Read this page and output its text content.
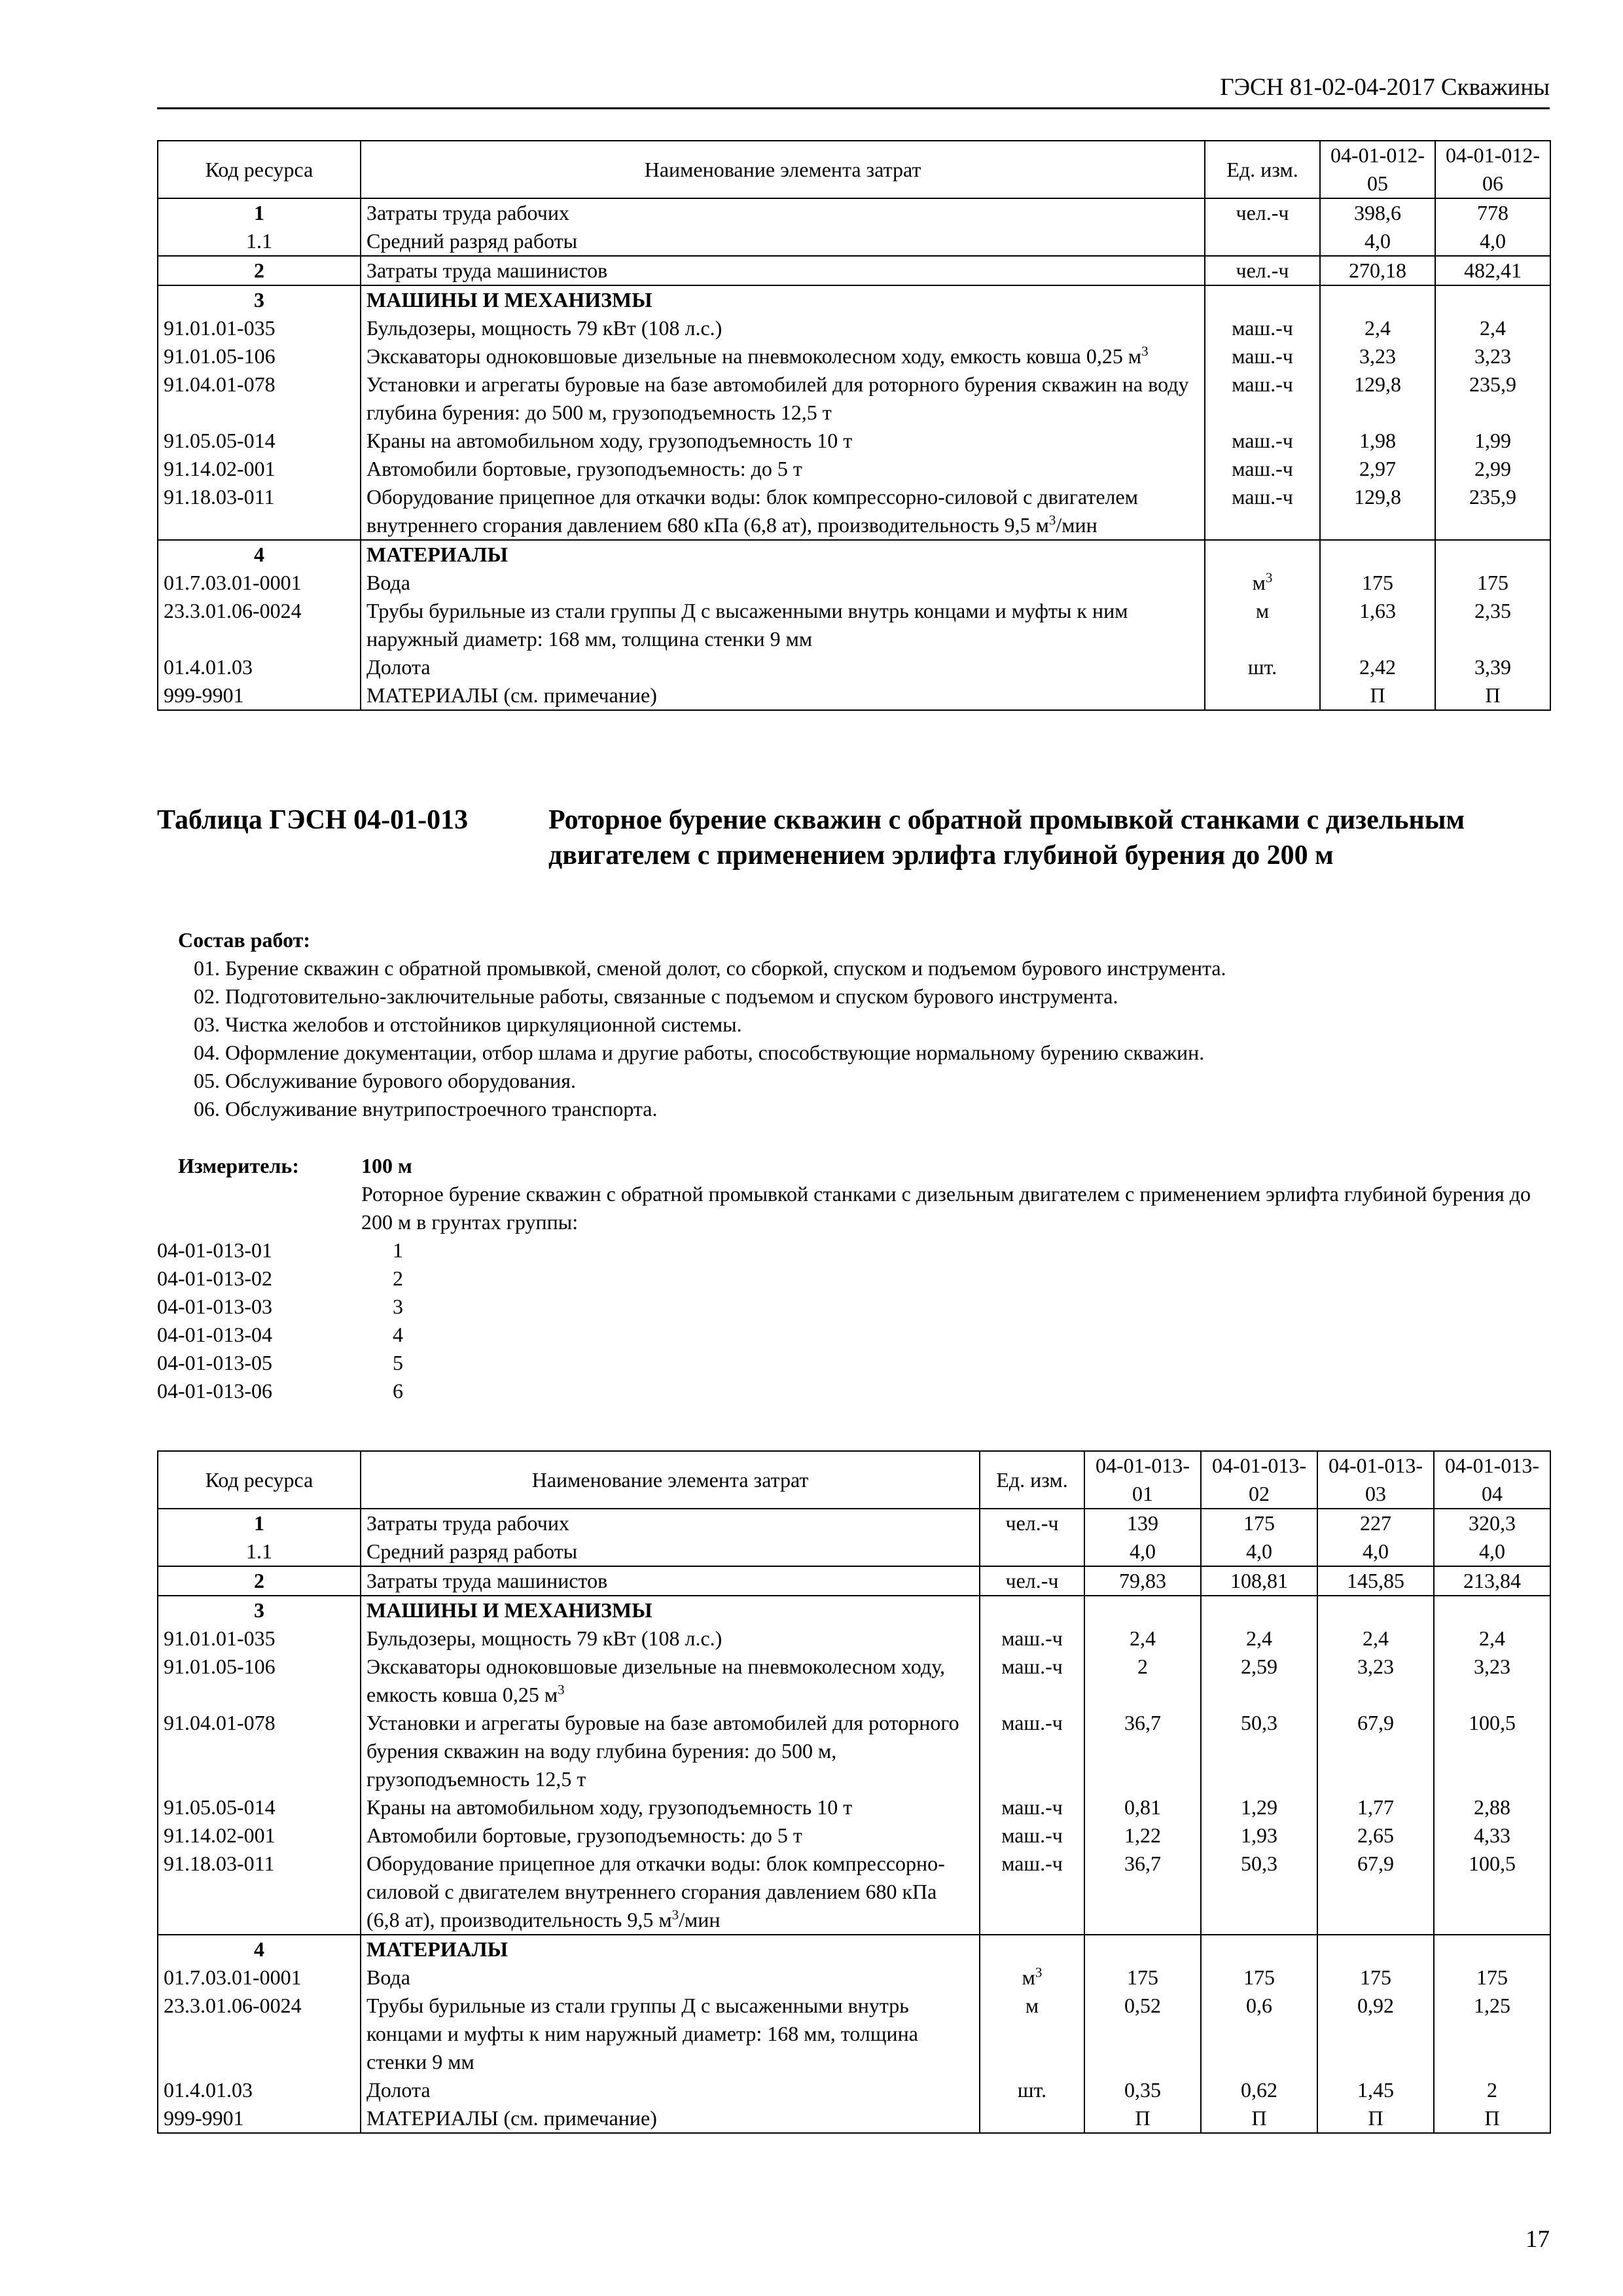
ГЭСН 81-02-04-2017 Скважины
Код ресурса	Наименование элемента затрат	Ед. изм.	04-01-012-05	04-01-012-06
1	Затраты труда рабочих	чел.-ч	398,6	778
1.1	Средний разряд работы		4,0	4,0
2	Затраты труда машинистов	чел.-ч	270,18	482,41
3	МАШИНЫ И МЕХАНИЗМЫ			
91.01.01-035	Бульдозеры, мощность 79 кВт (108 л.с.)	маш.-ч	2,4	2,4
91.01.05-106	Экскаваторы одноковшовые дизельные на пневмоколесном ходу, емкость ковша 0,25 $м^3$	маш.-ч	3,23	3,23
91.04.01-078	Установки и агрегаты буровые на базе автомобилей для роторного бурения скважин на воду глубина бурения: до 500 м, грузоподъемность 12,5 т	маш.-ч	129,8	235,9
91.05.05-014	Краны на автомобильном ходу, грузоподъемность 10 т	маш.-ч	1,98	1,99
91.14.02-001	Автомобили бортовые, грузоподъемность: до 5 т	маш.-ч	2,97	2,99
91.18.03-011	Оборудование прицепное для откачки воды: блок компрессорно-силовой с двигателем внутреннего сгорания давлением 680 кПа (6,8 ат), производительность 9,5 $м^3$/мин	маш.-ч	129,8	235,9
4	МАТЕРИАЛЫ			
01.7.03.01-0001	Вода	$м^3$	175	175
23.3.01.06-0024	Трубы бурильные из стали группы Д с высаженными внутрь концами и муфты к ним наружный диаметр: 168 мм, толщина стенки 9 мм	м	1,63	2,35
01.4.01.03	Долота	шт.	2,42	3,39
999-9901	МАТЕРИАЛЫ (см. примечание)		П	П
Таблица ГЭСН 04-01-013	Роторное бурение скважин с обратной промывкой станками с дизельным двигателем с применением эрлифта глубиной бурения до 200 м
Состав работ:
01. Бурение скважин с обратной промывкой, сменой долот, со сборкой, спуском и подъемом бурового инструмента.
02. Подготовительно-заключительные работы, связанные с подъемом и спуском бурового инструмента.
03. Чистка желобов и отстойников циркуляционной системы.
04. Оформление документации, отбор шлама и другие работы, способствующие нормальному бурению скважин.
05. Обслуживание бурового оборудования.
06. Обслуживание внутрипостроечного транспорта.
Измеритель:	100 м
Роторное бурение скважин с обратной промывкой станками с дизельным двигателем с применением эрлифта глубиной бурения до 200 м в грунтах группы:
04-01-013-01	1
04-01-013-02	2
04-01-013-03	3
04-01-013-04	4
04-01-013-05	5
04-01-013-06	6
Код ресурса	Наименование элемента затрат	Ед. изм.	04-01-013-01	04-01-013-02	04-01-013-03	04-01-013-04
1	Затраты труда рабочих	чел.-ч	139	175	227	320,3
1.1	Средний разряд работы		4,0	4,0	4,0	4,0
2	Затраты труда машинистов	чел.-ч	79,83	108,81	145,85	213,84
3	МАШИНЫ И МЕХАНИЗМЫ					
91.01.01-035	Бульдозеры, мощность 79 кВт (108 л.с.)	маш.-ч	2,4	2,4	2,4	2,4
91.01.05-106	Экскаваторы одноковшовые дизельные на пневмоколесном ходу, емкость ковша 0,25 $м^3$	маш.-ч	2	2,59	3,23	3,23
91.04.01-078	Установки и агрегаты буровые на базе автомобилей для роторного бурения скважин на воду глубина бурения: до 500 м, грузоподъемность 12,5 т	маш.-ч	36,7	50,3	67,9	100,5
91.05.05-014	Краны на автомобильном ходу, грузоподъемность 10 т	маш.-ч	0,81	1,29	1,77	2,88
91.14.02-001	Автомобили бортовые, грузоподъемность: до 5 т	маш.-ч	1,22	1,93	2,65	4,33
91.18.03-011	Оборудование прицепное для откачки воды: блок компрессорно-силовой с двигателем внутреннего сгорания давлением 680 кПа (6,8 ат), производительность 9,5 $м^3$/мин	маш.-ч	36,7	50,3	67,9	100,5
4	МАТЕРИАЛЫ					
01.7.03.01-0001	Вода	$м^3$	175	175	175	175
23.3.01.06-0024	Трубы бурильные из стали группы Д с высаженными внутрь концами и муфты к ним наружный диаметр: 168 мм, толщина стенки 9 мм	м	0,52	0,6	0,92	1,25
01.4.01.03	Долота	шт.	0,35	0,62	1,45	2
999-9901	МАТЕРИАЛЫ (см. примечание)		П	П	П	П
17
